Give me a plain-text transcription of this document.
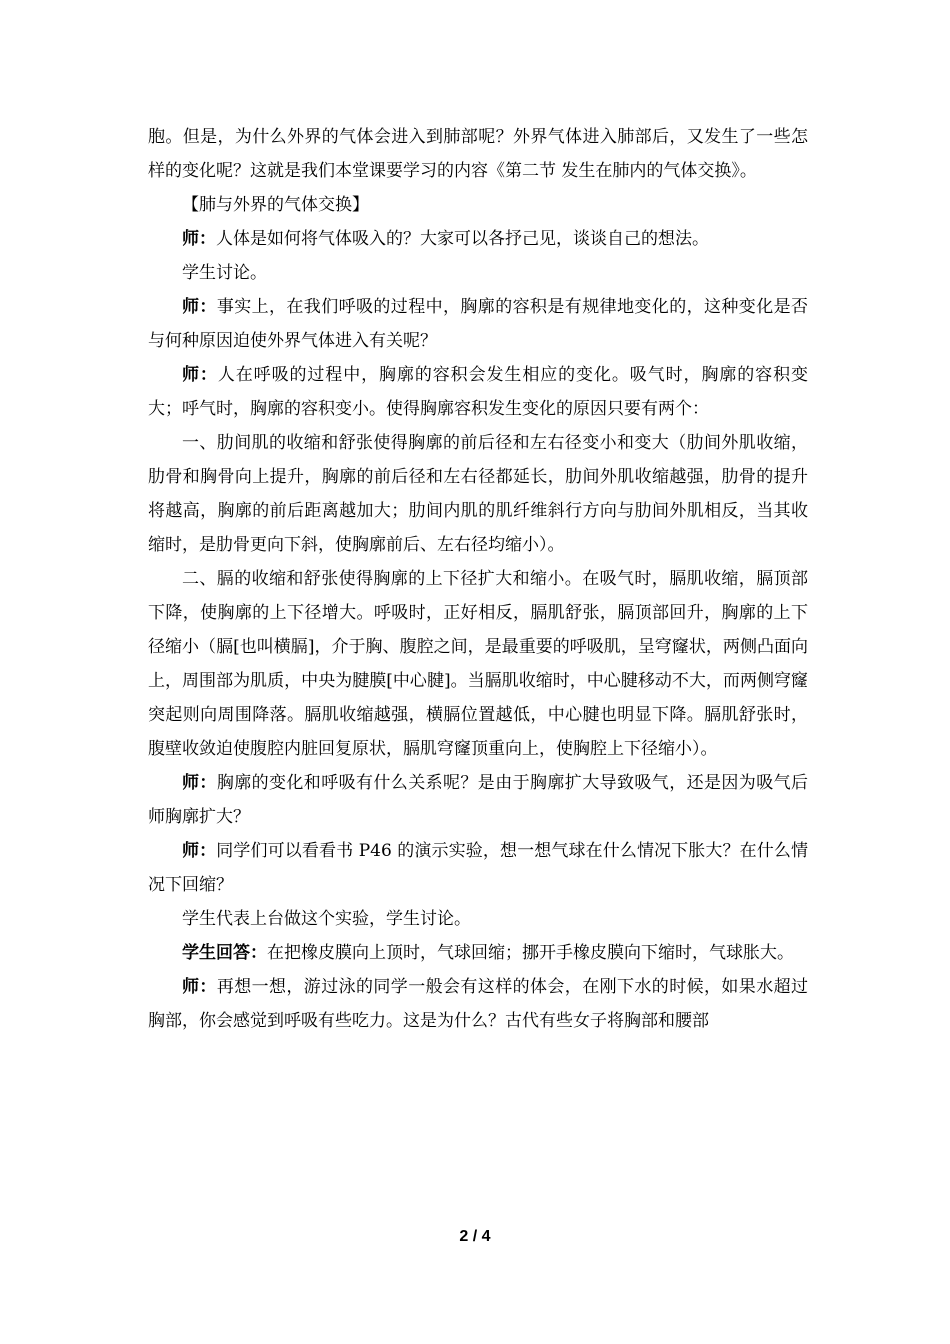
胞。但是，为什么外界的气体会进入到肺部呢？外界气体进入肺部后，又发生了一些怎样的变化呢？这就是我们本堂课要学习的内容《第二节 发生在肺内的气体交换》。

【肺与外界的气体交换】

师：人体是如何将气体吸入的？大家可以各抒己见，谈谈自己的想法。

学生讨论。

师：事实上，在我们呼吸的过程中，胸廓的容积是有规律地变化的，这种变化是否与何种原因迫使外界气体进入有关呢？

师：人在呼吸的过程中，胸廓的容积会发生相应的变化。吸气时，胸廓的容积变大；呼气时，胸廓的容积变小。使得胸廓容积发生变化的原因只要有两个：

一、肋间肌的收缩和舒张使得胸廓的前后径和左右径变小和变大（肋间外肌收缩，肋骨和胸骨向上提升，胸廓的前后径和左右径都延长，肋间外肌收缩越强，肋骨的提升将越高，胸廓的前后距离越加大；肋间内肌的肌纤维斜行方向与肋间外肌相反，当其收缩时，是肋骨更向下斜，使胸廓前后、左右径均缩小）。

二、膈的收缩和舒张使得胸廓的上下径扩大和缩小。在吸气时，膈肌收缩，膈顶部下降，使胸廓的上下径增大。呼吸时，正好相反，膈肌舒张，膈顶部回升，胸廓的上下径缩小（膈[也叫横膈]，介于胸、腹腔之间，是最重要的呼吸肌，呈穹窿状，两侧凸面向上，周围部为肌质，中央为腱膜[中心腱]。当膈肌收缩时，中心腱移动不大，而两侧穹窿突起则向周围降落。膈肌收缩越强，横膈位置越低，中心腱也明显下降。膈肌舒张时，腹壁收敛迫使腹腔内脏回复原状，膈肌穹窿顶重向上，使胸腔上下径缩小）。

师：胸廓的变化和呼吸有什么关系呢？是由于胸廓扩大导致吸气，还是因为吸气后师胸廓扩大？

师：同学们可以看看书 P46 的演示实验，想一想气球在什么情况下胀大？在什么情况下回缩？

学生代表上台做这个实验，学生讨论。

学生回答：在把橡皮膜向上顶时，气球回缩；挪开手橡皮膜向下缩时，气球胀大。

师：再想一想，游过泳的同学一般会有这样的体会，在刚下水的时候，如果水超过胸部，你会感觉到呼吸有些吃力。这是为什么？古代有些女子将胸部和腰部

2 / 4
